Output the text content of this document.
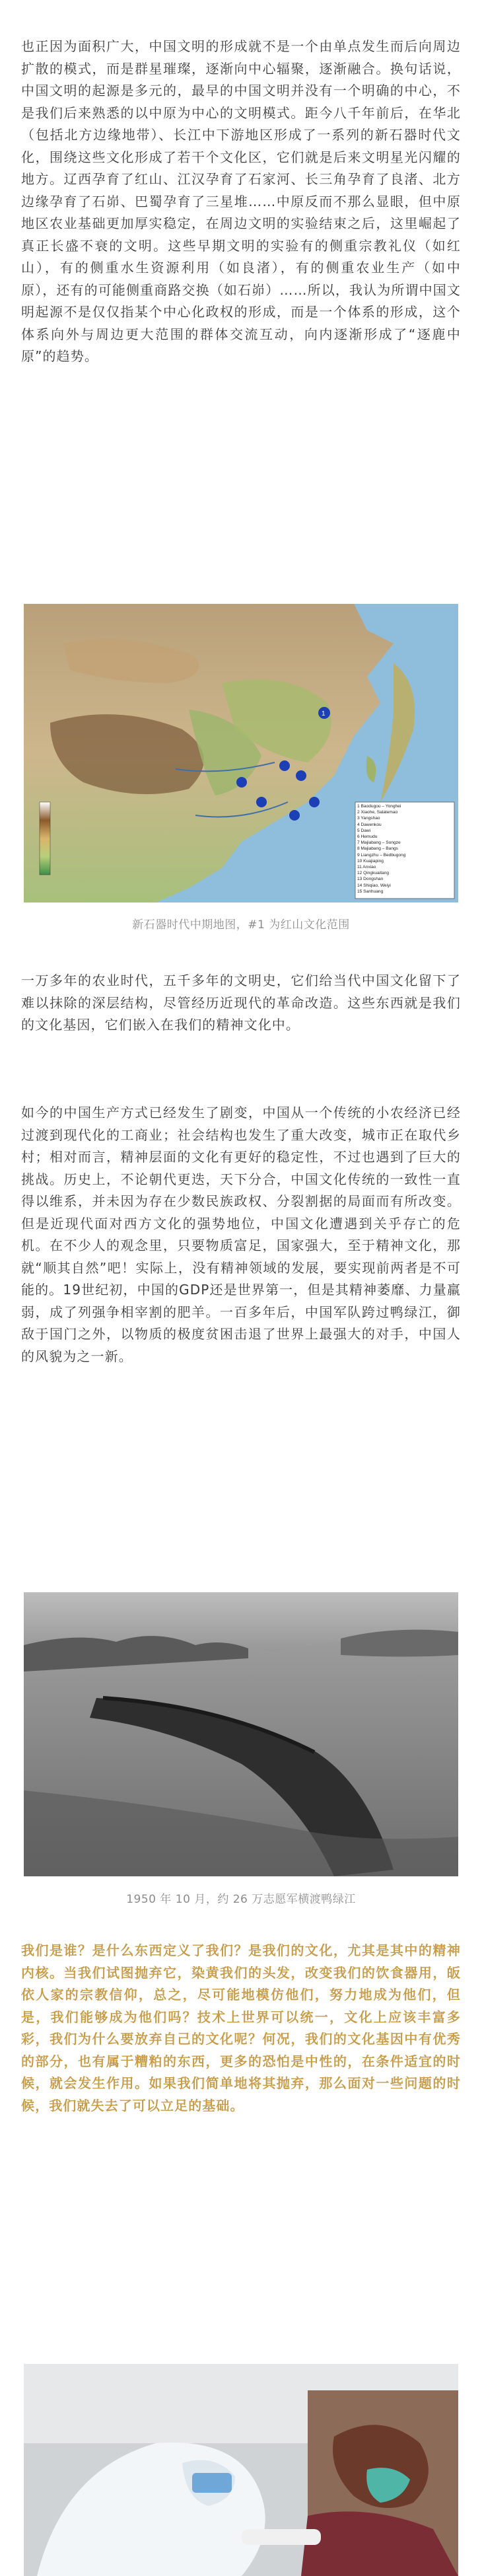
也正因为面积广大，中国文明的形成就不是一个由单点发生而后向周边扩散的模式，而是群星璀璨，逐渐向中心辐聚，逐渐融合。换句话说，中国文明的起源是多元的，最早的中国文明并没有一个明确的中心，不是我们后来熟悉的以中原为中心的文明模式。距今八千年前后，在华北（包括北方边缘地带）、长江中下游地区形成了一系列的新石器时代文化，围绕这些文化形成了若干个文化区，它们就是后来文明星光闪耀的地方。辽西孕育了红山、江汉孕育了石家河、长三角孕育了良渚、北方边缘孕育了石峁、巴蜀孕育了三星堆……中原反而不那么显眼，但中原地区农业基础更加厚实稳定，在周边文明的实验结束之后，这里崛起了真正长盛不衰的文明。这些早期文明的实验有的侧重宗教礼仪（如红山），有的侧重水生资源利用（如良渚），有的侧重农业生产（如中原），还有的可能侧重商路交换（如石峁）……所以，我认为所谓中国文明起源不是仅仅指某个中心化政权的形成，而是一个体系的形成，这个体系向外与周边更大范围的群体交流互动，向内逐渐形成了“逐鹿中原”的趋势。

1
1 Baodugou – Yonghei
2 Xiaohe, Salatemao
3 Yangshao
4 Dawenkou
5 Dawi
6 Hemudu
7 Majiabang – Songze
8 Majiabang – Bangs
9 Liangzhu – Bedbugong
10 Kuajiaping
11 Anxiao
12 Qingkuaitang
13 Dongshan
14 Shiqiao, Weiyi
15 Sanhuang
新石器时代中期地图，#1 为红山文化范围

一万多年的农业时代，五千多年的文明史，它们给当代中国文化留下了难以抹除的深层结构，尽管经历近现代的革命改造。这些东西就是我们的文化基因，它们嵌入在我们的精神文化中。

如今的中国生产方式已经发生了剧变，中国从一个传统的小农经济已经过渡到现代化的工商业；社会结构也发生了重大改变，城市正在取代乡村；相对而言，精神层面的文化有更好的稳定性，不过也遇到了巨大的挑战。历史上，不论朝代更迭，天下分合，中国文化传统的一致性一直得以维系，并未因为存在少数民族政权、分裂割据的局面而有所改变。但是近现代面对西方文化的强势地位，中国文化遭遇到关乎存亡的危机。在不少人的观念里，只要物质富足，国家强大，至于精神文化，那就“顺其自然”吧！实际上，没有精神领域的发展，要实现前两者是不可能的。19世纪初，中国的GDP还是世界第一，但是其精神萎靡、力量羸弱，成了列强争相宰割的肥羊。一百多年后，中国军队跨过鸭绿江，御敌于国门之外，以物质的极度贫困击退了世界上最强大的对手，中国人的风貌为之一新。

1950 年 10 月，约 26 万志愿军横渡鸭绿江

我们是谁？是什么东西定义了我们？是我们的文化，尤其是其中的精神内核。当我们试图抛弃它，染黄我们的头发，改变我们的饮食器用，皈依人家的宗教信仰，总之，尽可能地模仿他们，努力地成为他们，但是，我们能够成为他们吗？技术上世界可以统一，文化上应该丰富多彩，我们为什么要放弃自己的文化呢？何况，我们的文化基因中有优秀的部分，也有属于糟粕的东西，更多的恐怕是中性的，在条件适宜的时候，就会发生作用。如果我们简单地将其抛弃，那么面对一些问题的时候，我们就失去了可以立足的基础。
